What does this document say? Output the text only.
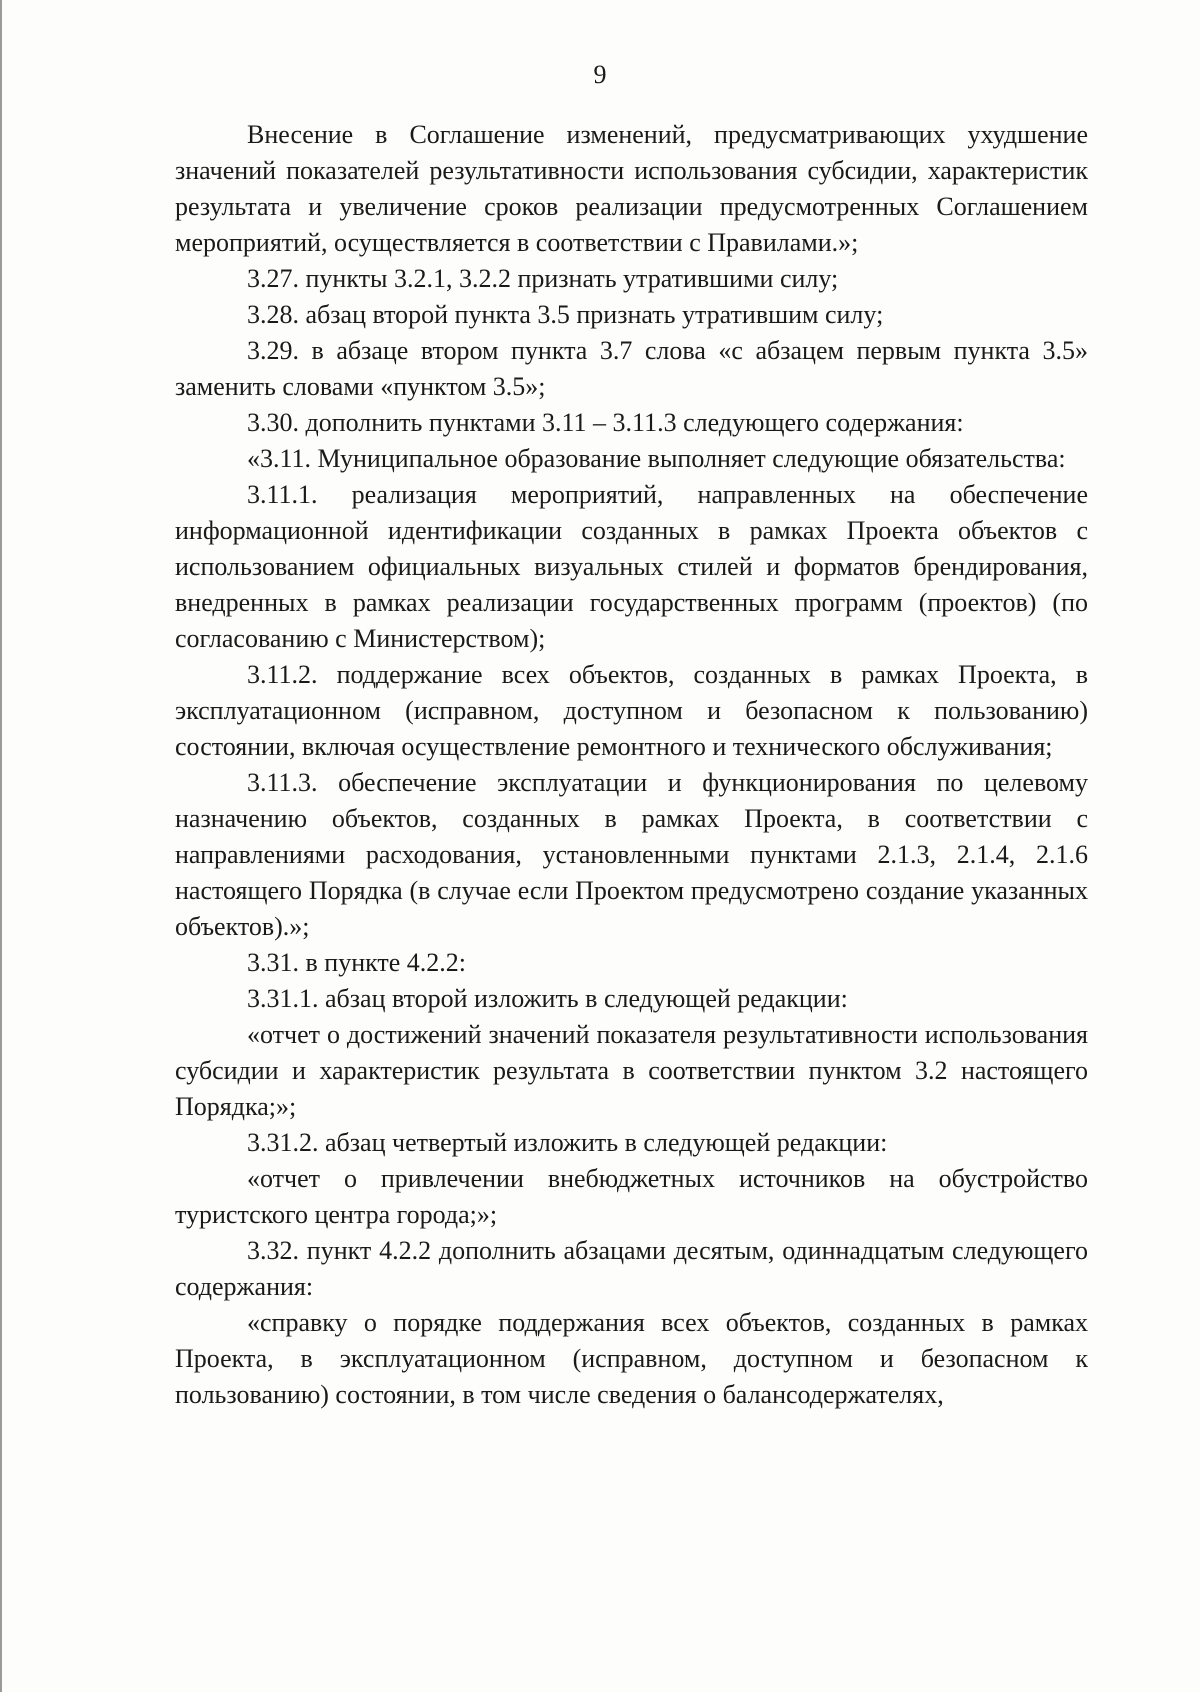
9

Внесение в Соглашение изменений, предусматривающих ухудшение значений показателей результативности использования субсидии, характеристик результата и увеличение сроков реализации предусмотренных Соглашением мероприятий, осуществляется в соответствии с Правилами.»;

3.27. пункты 3.2.1, 3.2.2 признать утратившими силу;

3.28. абзац второй пункта 3.5 признать утратившим силу;

3.29. в абзаце втором пункта 3.7 слова «с абзацем первым пункта 3.5» заменить словами «пунктом 3.5»;

3.30. дополнить пунктами 3.11 – 3.11.3 следующего содержания:

«3.11. Муниципальное образование выполняет следующие обязательства:

3.11.1. реализация мероприятий, направленных на обеспечение информационной идентификации созданных в рамках Проекта объектов с использованием официальных визуальных стилей и форматов брендирования, внедренных в рамках реализации государственных программ (проектов) (по согласованию с Министерством);

3.11.2. поддержание всех объектов, созданных в рамках Проекта, в эксплуатационном (исправном, доступном и безопасном к пользованию) состоянии, включая осуществление ремонтного и технического обслуживания;

3.11.3. обеспечение эксплуатации и функционирования по целевому назначению объектов, созданных в рамках Проекта, в соответствии с направлениями расходования, установленными пунктами 2.1.3, 2.1.4, 2.1.6 настоящего Порядка (в случае если Проектом предусмотрено создание указанных объектов).»;

3.31. в пункте 4.2.2:

3.31.1. абзац второй изложить в следующей редакции:

«отчет о достижений значений показателя результативности использования субсидии и характеристик результата в соответствии пунктом 3.2 настоящего Порядка;»;

3.31.2. абзац четвертый изложить в следующей редакции:

«отчет о привлечении внебюджетных источников на обустройство туристского центра города;»;

3.32. пункт 4.2.2 дополнить абзацами десятым, одиннадцатым следующего содержания:

«справку о порядке поддержания всех объектов, созданных в рамках Проекта, в эксплуатационном (исправном, доступном и безопасном к пользованию) состоянии, в том числе сведения о балансодержателях,
